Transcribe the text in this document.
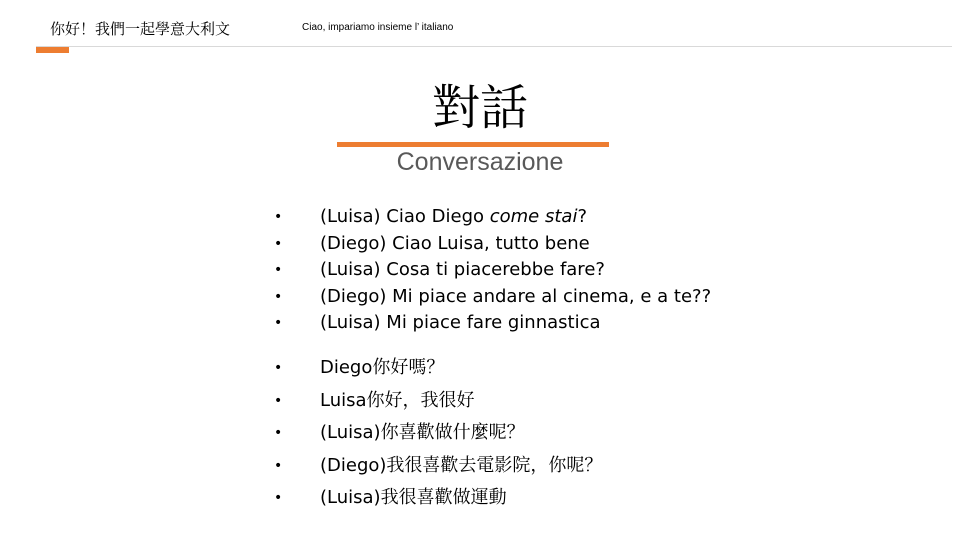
你好！我們一起學意大利文	Ciao, impariamo insieme l’ italiano
對話
Conversazione
• (Luisa) Ciao Diego come stai?
• (Diego) Ciao Luisa, tutto bene
• (Luisa) Cosa ti piacerebbe fare?
• (Diego) Mi piace andare al cinema, e a te??
• (Luisa) Mi piace fare ginnastica
• Diego你好嗎？
• Luisa你好，我很好
• (Luisa)你喜歡做什麼呢？
• (Diego)我很喜歡去電影院，你呢？
• (Luisa)我很喜歡做運動
